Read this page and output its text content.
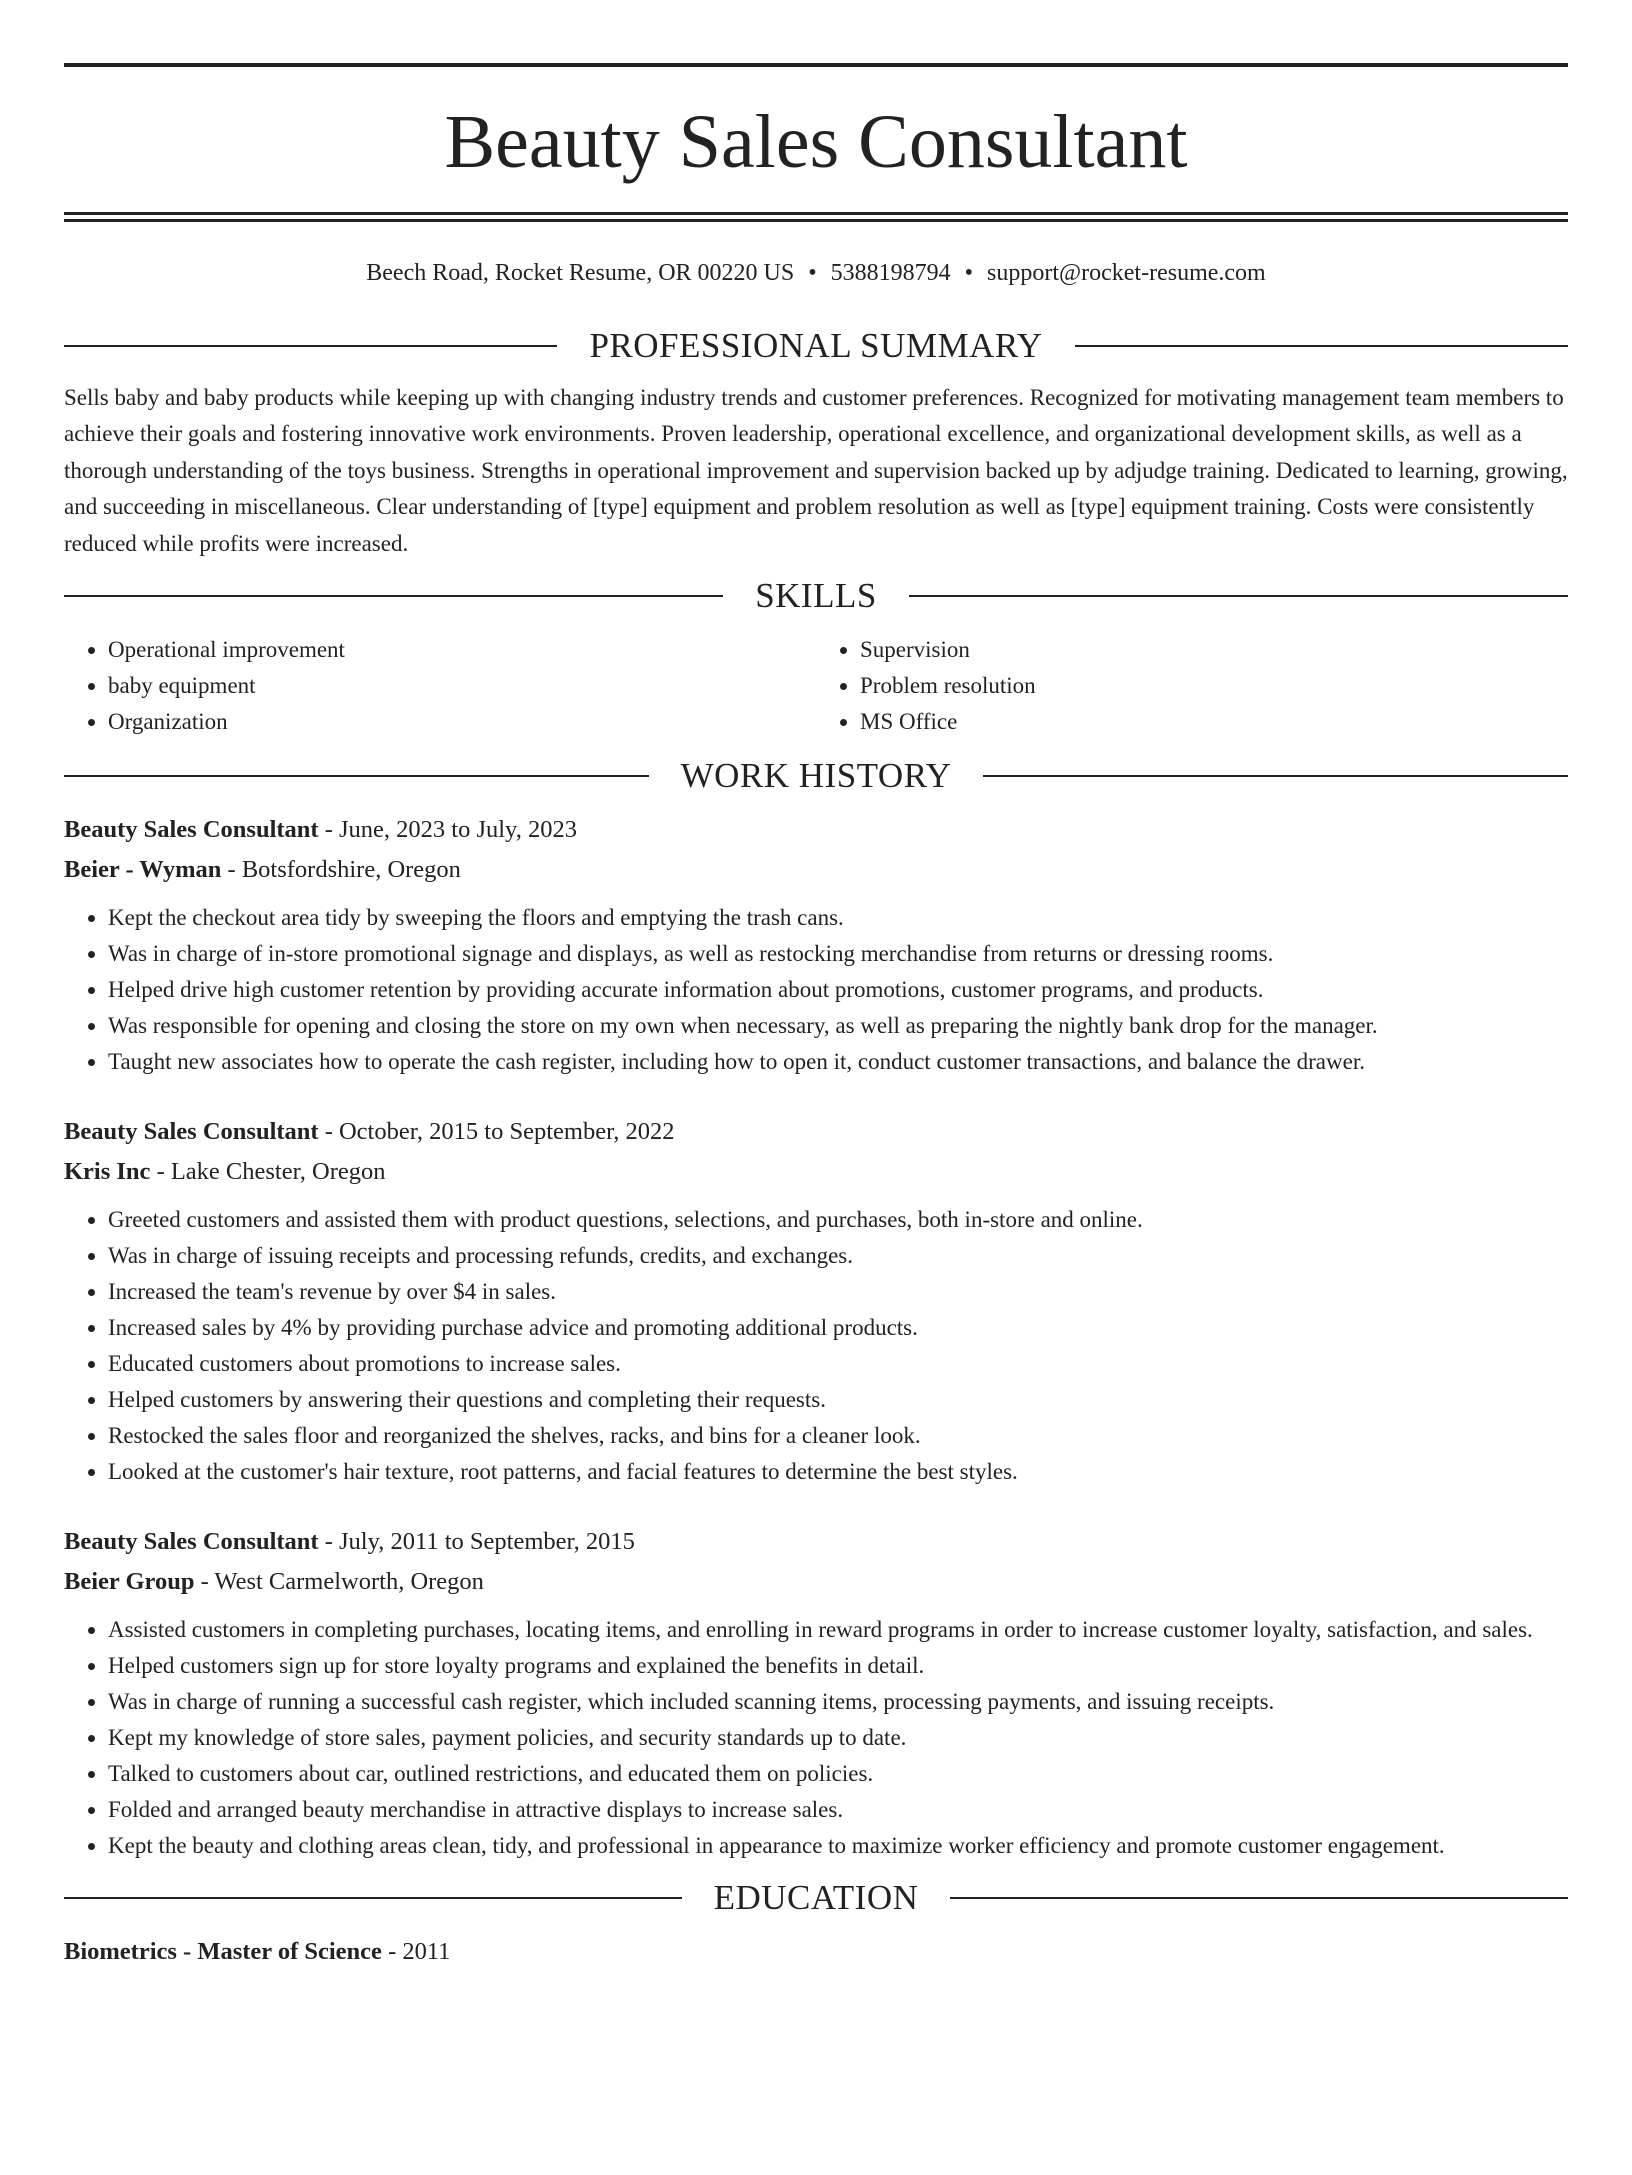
Beauty Sales Consultant
Beech Road, Rocket Resume, OR 00220 US • 5388198794 • support@rocket-resume.com
PROFESSIONAL SUMMARY

Sells baby and baby products while keeping up with changing industry trends and customer preferences. Recognized for motivating management team members to achieve their goals and fostering innovative work environments. Proven leadership, operational excellence, and organizational development skills, as well as a thorough understanding of the toys business. Strengths in operational improvement and supervision backed up by adjudge training. Dedicated to learning, growing, and succeeding in miscellaneous. Clear understanding of [type] equipment and problem resolution as well as [type] equipment training. Costs were consistently reduced while profits were increased.

SKILLS
• Operational improvement
• baby equipment
• Organization
• Supervision
• Problem resolution
• MS Office
WORK HISTORY

Beauty Sales Consultant - June, 2023 to July, 2023

Beier - Wyman - Botsfordshire, Oregon

• Kept the checkout area tidy by sweeping the floors and emptying the trash cans.
• Was in charge of in-store promotional signage and displays, as well as restocking merchandise from returns or dressing rooms.
• Helped drive high customer retention by providing accurate information about promotions, customer programs, and products.
• Was responsible for opening and closing the store on my own when necessary, as well as preparing the nightly bank drop for the manager.
• Taught new associates how to operate the cash register, including how to open it, conduct customer transactions, and balance the drawer.

Beauty Sales Consultant - October, 2015 to September, 2022

Kris Inc - Lake Chester, Oregon

• Greeted customers and assisted them with product questions, selections, and purchases, both in-store and online.
• Was in charge of issuing receipts and processing refunds, credits, and exchanges.
• Increased the team's revenue by over $4 in sales.
• Increased sales by 4% by providing purchase advice and promoting additional products.
• Educated customers about promotions to increase sales.
• Helped customers by answering their questions and completing their requests.
• Restocked the sales floor and reorganized the shelves, racks, and bins for a cleaner look.
• Looked at the customer's hair texture, root patterns, and facial features to determine the best styles.

Beauty Sales Consultant - July, 2011 to September, 2015

Beier Group - West Carmelworth, Oregon

• Assisted customers in completing purchases, locating items, and enrolling in reward programs in order to increase customer loyalty, satisfaction, and sales.
• Helped customers sign up for store loyalty programs and explained the benefits in detail.
• Was in charge of running a successful cash register, which included scanning items, processing payments, and issuing receipts.
• Kept my knowledge of store sales, payment policies, and security standards up to date.
• Talked to customers about car, outlined restrictions, and educated them on policies.
• Folded and arranged beauty merchandise in attractive displays to increase sales.
• Kept the beauty and clothing areas clean, tidy, and professional in appearance to maximize worker efficiency and promote customer engagement.
EDUCATION

Biometrics - Master of Science - 2011
